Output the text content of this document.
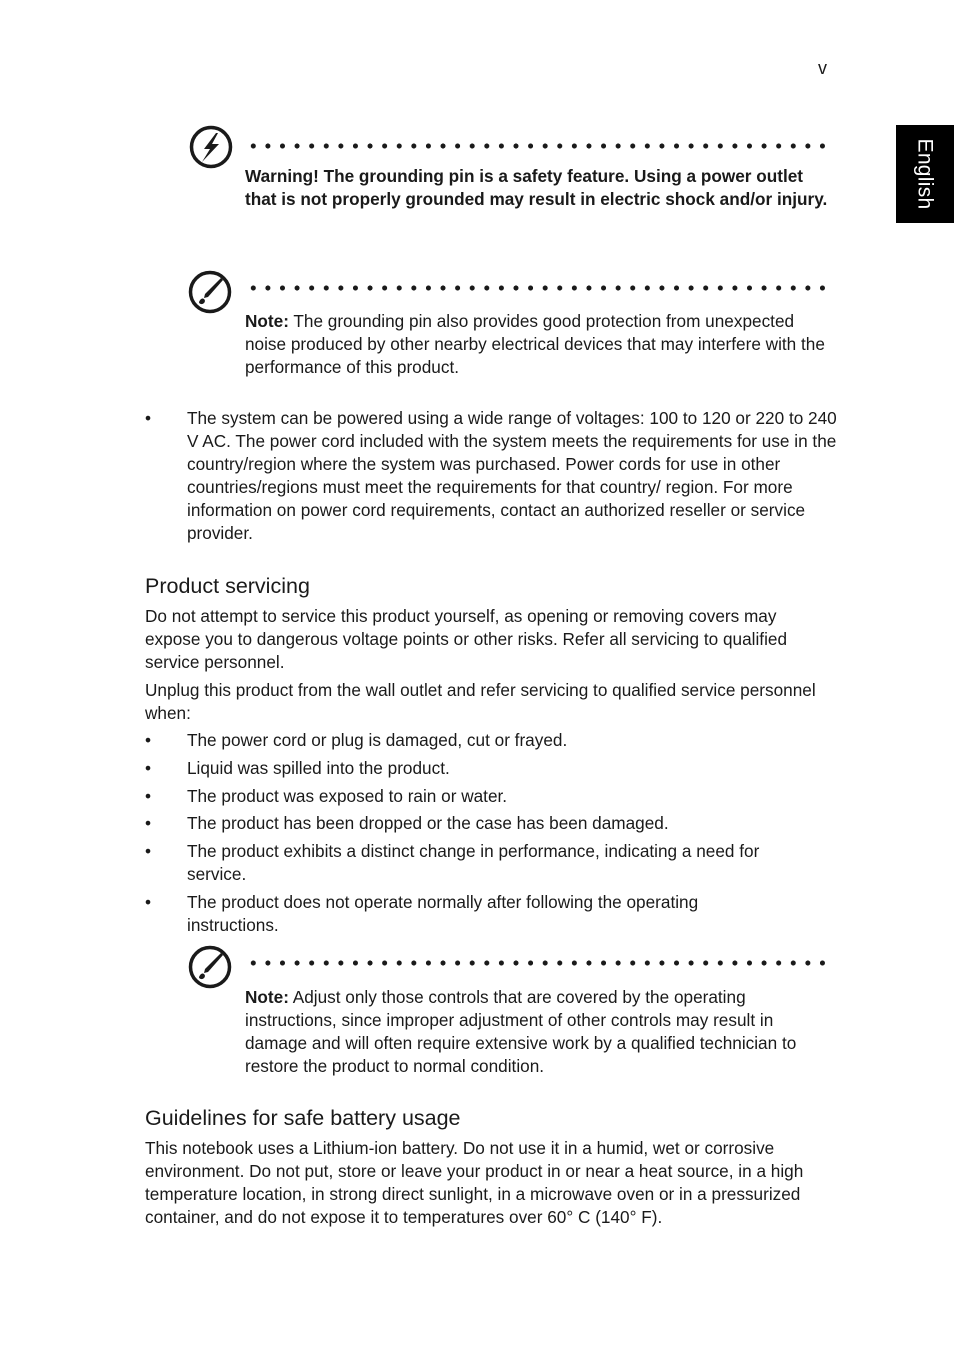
v
English
Warning! The grounding pin is a safety feature. Using a power outlet that is not properly grounded may result in electric shock and/or injury.
Note: The grounding pin also provides good protection from unexpected noise produced by other nearby electrical devices that may interfere with the performance of this product.
• The system can be powered using a wide range of voltages: 100 to 120 or 220 to 240 V AC. The power cord included with the system meets the requirements for use in the country/region where the system was purchased. Power cords for use in other countries/regions must meet the requirements for that country/ region. For more information on power cord requirements, contact an authorized reseller or service provider.
Product servicing
Do not attempt to service this product yourself, as opening or removing covers may expose you to dangerous voltage points or other risks. Refer all servicing to qualified service personnel.
Unplug this product from the wall outlet and refer servicing to qualified service personnel when:
• The power cord or plug is damaged, cut or frayed.
• Liquid was spilled into the product.
• The product was exposed to rain or water.
• The product has been dropped or the case has been damaged.
• The product exhibits a distinct change in performance, indicating a need for service.
• The product does not operate normally after following the operating instructions.
Note: Adjust only those controls that are covered by the operating instructions, since improper adjustment of other controls may result in damage and will often require extensive work by a qualified technician to restore the product to normal condition.
Guidelines for safe battery usage
This notebook uses a Lithium-ion battery. Do not use it in a humid, wet or corrosive environment. Do not put, store or leave your product in or near a heat source, in a high temperature location, in strong direct sunlight, in a microwave oven or in a pressurized container, and do not expose it to temperatures over 60° C (140° F).
